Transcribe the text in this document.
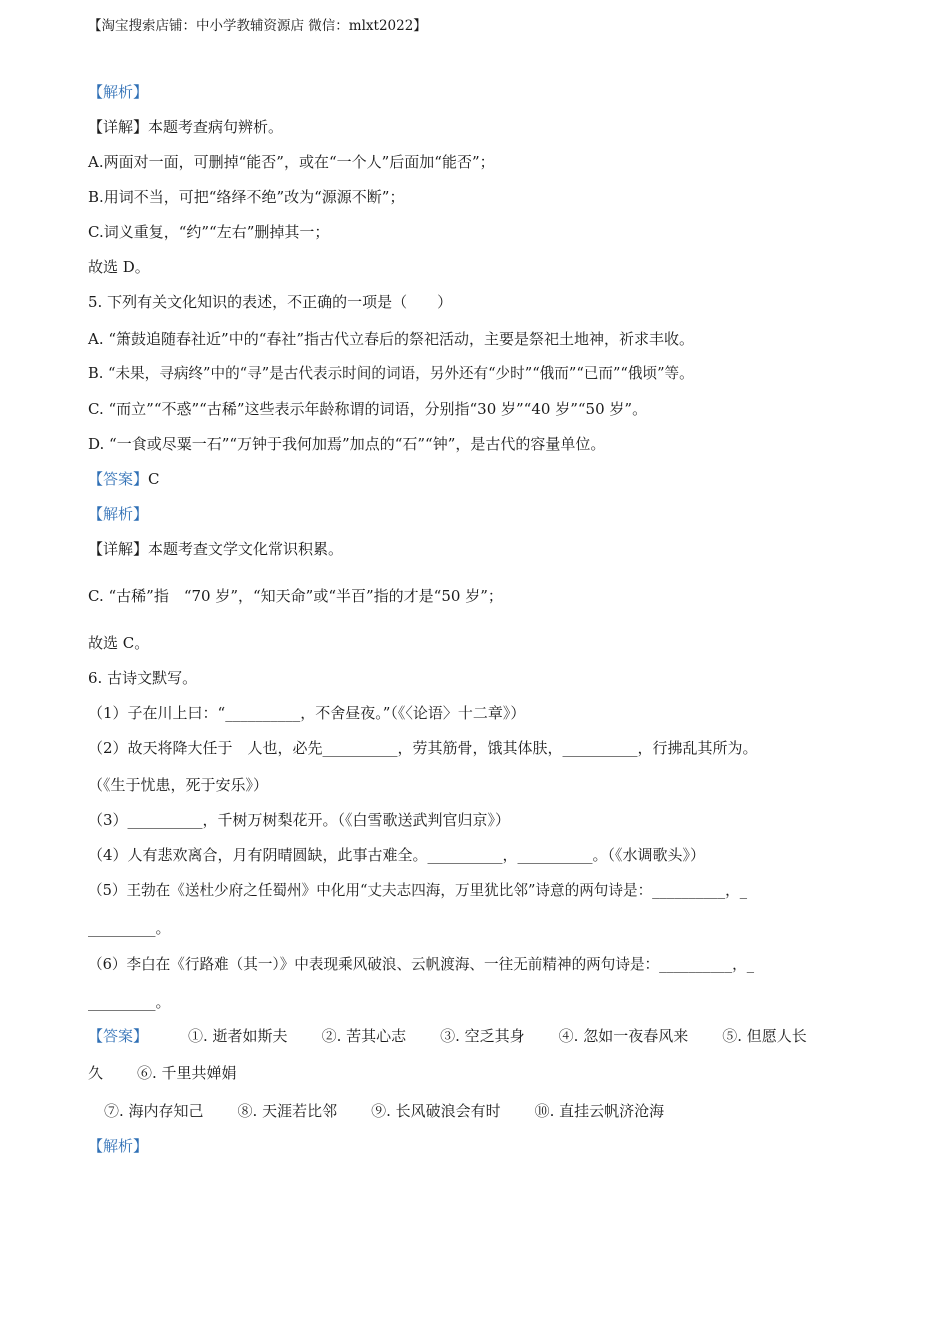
【淘宝搜索店铺：中小学教辅资源店 微信：mlxt2022】
【解析】
【详解】本题考查病句辨析。
A.两面对一面，可删掉“能否”，或在“一个人”后面加“能否”；
B.用词不当，可把“络绎不绝”改为“源源不断”；
C.词义重复，“约”“左右”删掉其一；
故选 D。
5. 下列有关文化知识的表述，不正确的一项是（　　）
A. “箫鼓追随春社近”中的“春社”指古代立春后的祭祀活动，主要是祭祀土地神，祈求丰收。
B. “未果，寻病终”中的“寻”是古代表示时间的词语，另外还有“少时”“俄而”“已而”“俄顷”等。
C. “而立”“不惑”“古稀”这些表示年龄称谓的词语，分别指“30 岁”“40 岁”“50 岁”。
D. “一食或尽粟一石”“万钟于我何加焉”加点的“石”“钟”，是古代的容量单位。
【答案】C
【解析】
【详解】本题考查文学文化常识积累。
C. “古稀”指　“70 岁”，“知天命”或“半百”指的才是“50 岁”；
故选 C。
6. 古诗文默写。
（1）子在川上曰：“__________，不舍昼夜。”（《〈论语〉十二章》）
（2）故天将降大任于　人也，必先__________，劳其筋骨，饿其体肤，__________，行拂乱其所为。
（《生于忧患，死于安乐》）
（3）__________，千树万树梨花开。（《白雪歌送武判官归京》）
（4）人有悲欢离合，月有阴晴圆缺，此事古难全。__________，__________。（《水调歌头》）
（5）王勃在《送杜少府之任蜀州》中化用“丈夫志四海，万里犹比邻”诗意的两句诗是：__________，_
_________。
（6）李白在《行路难（其一）》中表现乘风破浪、云帆渡海、一往无前精神的两句诗是：__________，_
_________。
【答案】	①. 逝者如斯夫 ②. 苦其心志 ③. 空乏其身 ④. 忽如一夜春风来 ⑤. 但愿人长
久 ⑥. 千里共婵娟
⑦. 海内存知己 ⑧. 天涯若比邻 ⑨. 长风破浪会有时 ⑩. 直挂云帆济沧海
【解析】
